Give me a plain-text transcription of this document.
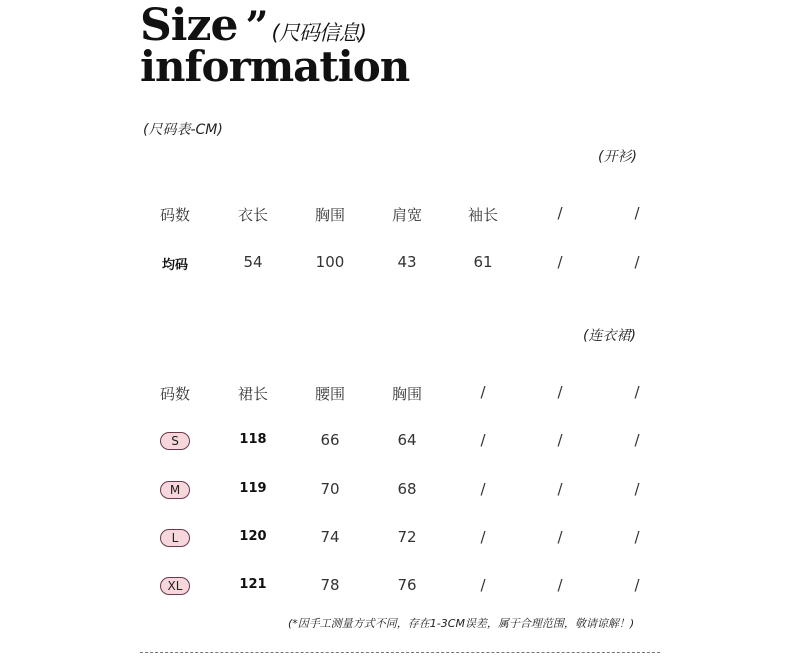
Size ” (尺码信息)
information
(尺码表-CM)
(开衫)
码数	衣长	胸围	肩宽	袖长	/	/
均码	54	100	43	61	/	/
(连衣裙)
码数	裙长	腰围	胸围	/	/	/
S	118	66	64	/	/	/
M	119	70	68	/	/	/
L	120	74	72	/	/	/
XL	121	78	76	/	/	/
(*因手工测量方式不同，存在1-3CM误差，属于合理范围，敬请谅解！)
